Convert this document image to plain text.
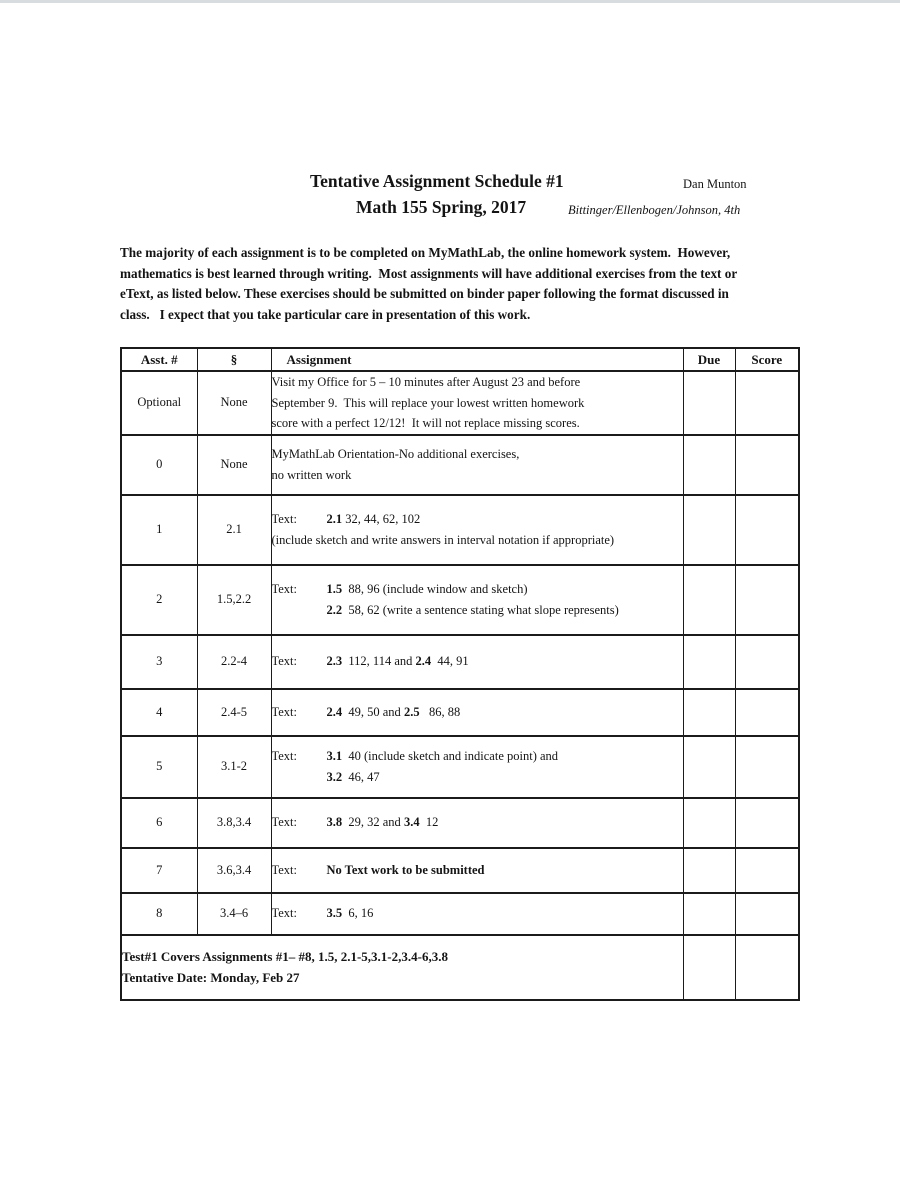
Tentative Assignment Schedule #1	Dan Munton
Math 155 Spring, 2017	Bittinger/Ellenbogen/Johnson, 4th
The majority of each assignment is to be completed on MyMathLab, the online homework system.  However,
mathematics is best learned through writing.  Most assignments will have additional exercises from the text or
eText, as listed below. These exercises should be submitted on binder paper following the format discussed in
class.   I expect that you take particular care in presentation of this work.
Asst. #	§	Assignment	Due	Score
Optional	None	Visit my Office for 5 – 10 minutes after August 23 and before
September 9.  This will replace your lowest written homework
score with a perfect 12/12!  It will not replace missing scores.		

0	None	MyMathLab Orientation-No additional exercises,
no written work		

1	2.1	Text: 2.1 32, 44, 62, 102
(include sketch and write answers in interval notation if appropriate)		

2	1.5,2.2	Text: 1.5  88, 96 (include window and sketch)
2.2  58, 62 (write a sentence stating what slope represents)		

3	2.2-4	Text: 2.3  112, 114 and 2.4  44, 91		

4	2.4-5	Text: 2.4  49, 50 and 2.5   86, 88		

5	3.1-2	Text: 3.1  40 (include sketch and indicate point) and
3.2  46, 47		

6	3.8,3.4	Text: 3.8  29, 32 and 3.4  12		

7	3.6,3.4	Text: No Text work to be submitted		

8	3.4–6	Text: 3.5  6, 16		

Test#1 Covers Assignments #1– #8, 1.5, 2.1-5,3.1-2,3.4-6,3.8
Tentative Date: Monday, Feb 27				
